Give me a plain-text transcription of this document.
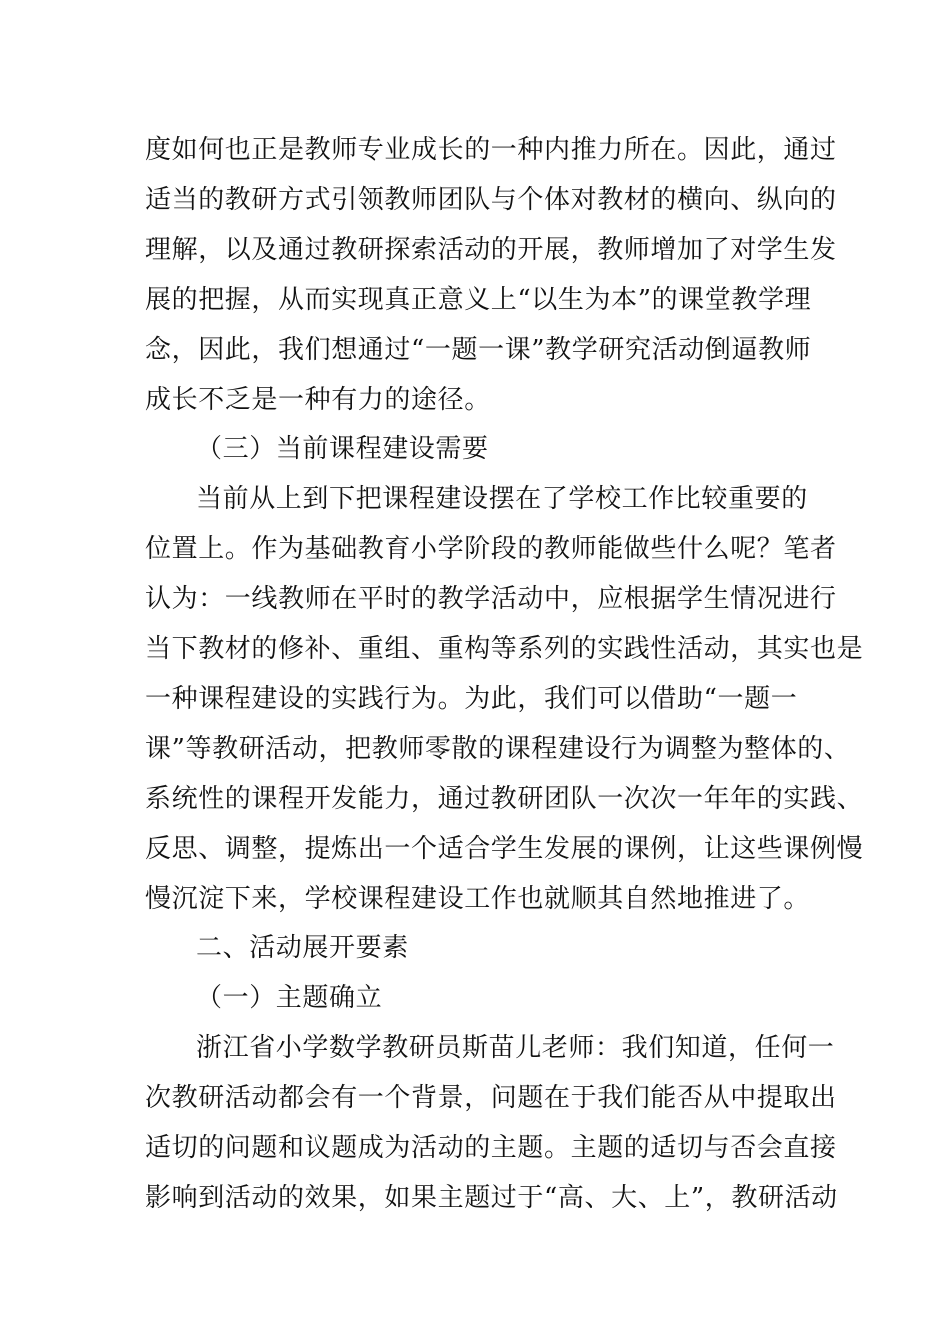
度如何也正是教师专业成长的一种内推力所在。因此，通过
适当的教研方式引领教师团队与个体对教材的横向、纵向的
理解，以及通过教研探索活动的开展，教师增加了对学生发
展的把握，从而实现真正意义上“以生为本”的课堂教学理
念，因此，我们想通过“一题一课”教学研究活动倒逼教师
成长不乏是一种有力的途径。
（三）当前课程建设需要
当前从上到下把课程建设摆在了学校工作比较重要的
位置上。作为基础教育小学阶段的教师能做些什么呢？笔者
认为：一线教师在平时的教学活动中，应根据学生情况进行
当下教材的修补、重组、重构等系列的实践性活动，其实也是
一种课程建设的实践行为。为此，我们可以借助“一题一
课”等教研活动，把教师零散的课程建设行为调整为整体的、
系统性的课程开发能力，通过教研团队一次次一年年的实践、
反思、调整，提炼出一个适合学生发展的课例，让这些课例慢
慢沉淀下来，学校课程建设工作也就顺其自然地推进了。
二、活动展开要素
（一）主题确立
浙江省小学数学教研员斯苗儿老师：我们知道，任何一
次教研活动都会有一个背景，问题在于我们能否从中提取出
适切的问题和议题成为活动的主题。主题的适切与否会直接
影响到活动的效果，如果主题过于“高、大、上”，教研活动
